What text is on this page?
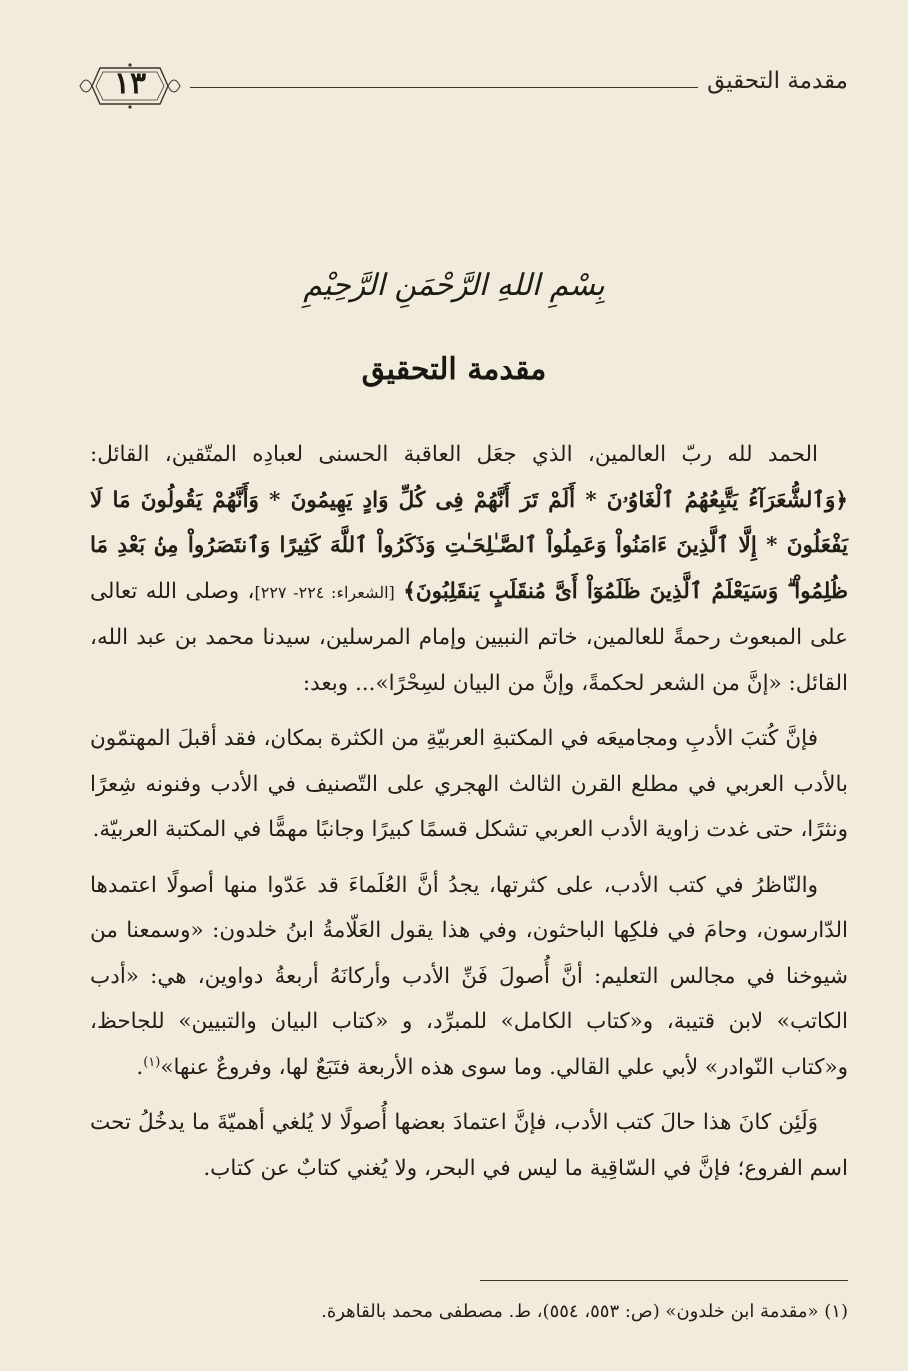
مقدمة التحقيق
١٣
بِسْمِ اللهِ الرَّحْمَنِ الرَّحِيْمِ
مقدمة التحقيق

الحمد لله ربّ العالمين، الذي جعَل العاقبة الحسنى لعبادِه المتّقين، القائل: ﴿وَٱلشُّعَرَآءُ يَتَّبِعُهُمُ ٱلْغَاوُۥنَ * أَلَمْ تَرَ أَنَّهُمْ فِى كُلِّ وَادٍ يَهِيمُونَ * وَأَنَّهُمْ يَقُولُونَ مَا لَا يَفْعَلُونَ * إِلَّا ٱلَّذِينَ ءَامَنُواْ وَعَمِلُواْ ٱلصَّـٰلِحَـٰتِ وَذَكَرُواْ ٱللَّهَ كَثِيرًا وَٱنتَصَرُواْ مِنۢ بَعْدِ مَا ظُلِمُواْ ۗ وَسَيَعْلَمُ ٱلَّذِينَ ظَلَمُوٓاْ أَىَّ مُنقَلَبٍ يَنقَلِبُونَ﴾ [الشعراء: ٢٢٤- ٢٢٧]، وصلى الله تعالى على المبعوث رحمةً للعالمين، خاتم النبيين وإمام المرسلين، سيدنا محمد بن عبد الله، القائل: «إنَّ من الشعر لحكمةً، وإنَّ من البيان لسِحْرًا»... وبعد:

فإنَّ كُتبَ الأدبِ ومجاميعَه في المكتبةِ العربيّةِ من الكثرة بمكان، فقد أقبلَ المهتمّون بالأدب العربي في مطلع القرن الثالث الهجري على التّصنيف في الأدب وفنونه شِعرًا ونثرًا، حتى غدت زاوية الأدب العربي تشكل قسمًا كبيرًا وجانبًا مهمًّا في المكتبة العربيّة.

والنّاظرُ في كتب الأدب، على كثرتها، يجدُ أنَّ العُلَماءَ قد عَدّوا منها أصولًا اعتمدها الدّارسون، وحامَ في فلكِها الباحثون، وفي هذا يقول العَلّامةُ ابنُ خلدون: «وسمعنا من شيوخنا في مجالس التعليم: أنَّ أُصولَ فَنِّ الأدب وأركانَهُ أربعةُ دواوين، هي: «أدب الكاتب» لابن قتيبة، و«كتاب الكامل» للمبرِّد، و «كتاب البيان والتبيين» للجاحظ، و«كتاب النّوادر» لأبي علي القالي. وما سوى هذه الأربعة فتَبَعٌ لها، وفروعٌ عنها»$^{(١)}$.

وَلَئِن كانَ هذا حالَ كتب الأدب، فإنَّ اعتمادَ بعضها أُصولًا لا يُلغي أهميّةَ ما يدخُلُ تحت اسم الفروع؛ فإنَّ في السّاقِية ما ليس في البحر، ولا يُغني كتابٌ عن كتاب.

(١) «مقدمة ابن خلدون» (ص: ٥٥٣، ٥٥٤)، ط. مصطفى محمد بالقاهرة.
